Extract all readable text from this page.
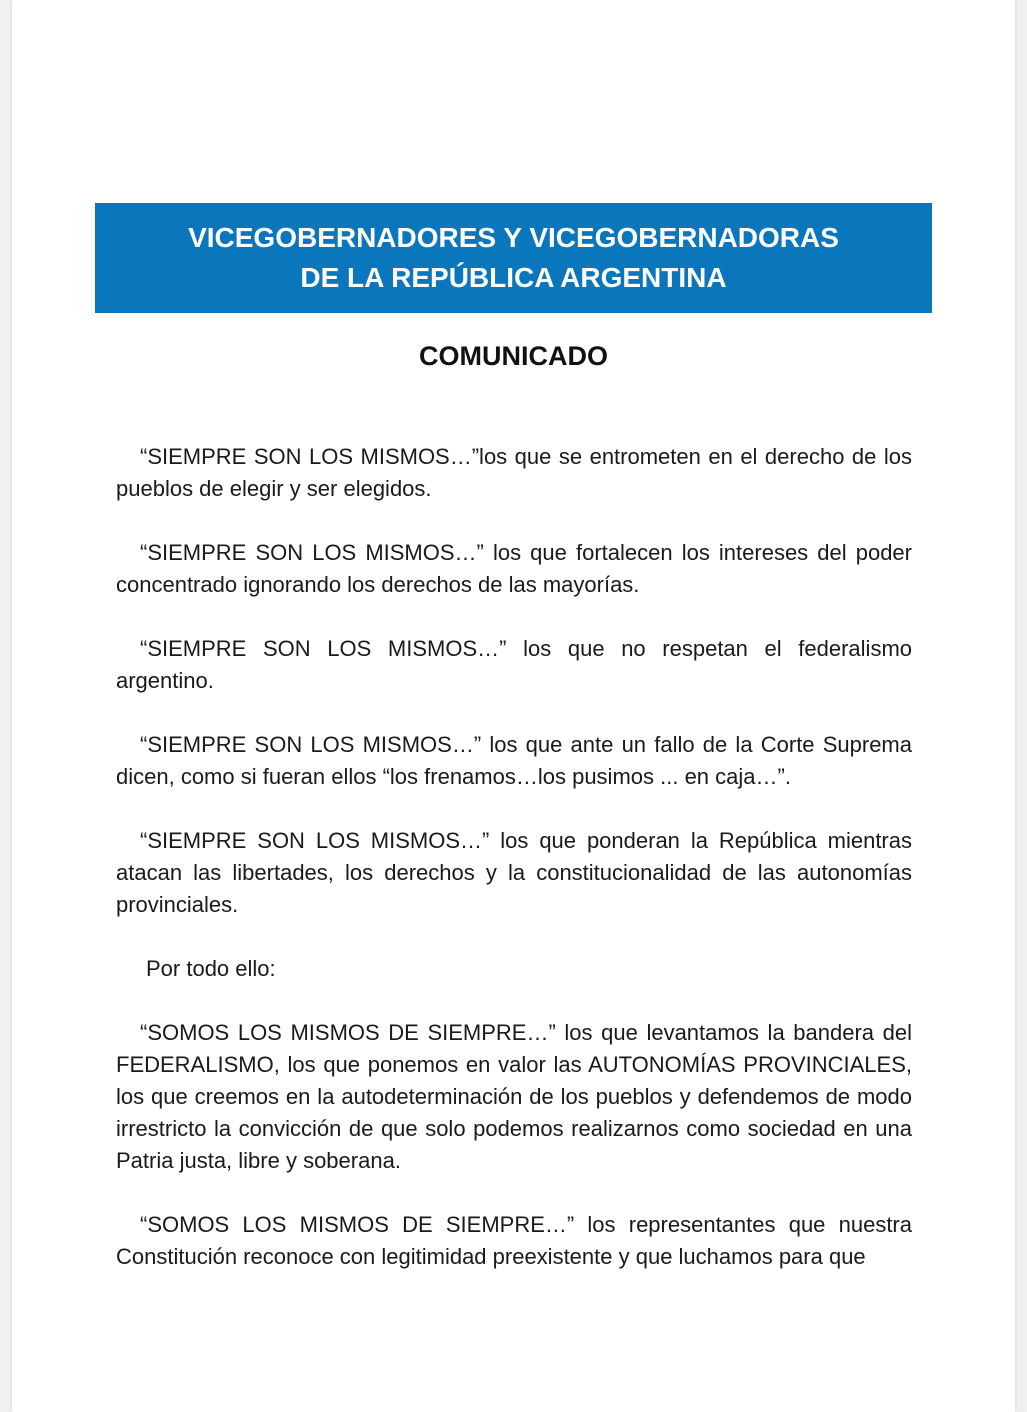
VICEGOBERNADORES Y VICEGOBERNADORAS
DE LA REPÚBLICA ARGENTINA
COMUNICADO

“SIEMPRE SON LOS MISMOS…”los que se entrometen en el derecho de los pueblos de elegir y ser elegidos.

“SIEMPRE SON LOS MISMOS…” los que fortalecen los intereses del poder concentrado ignorando los derechos de las mayorías.

“SIEMPRE SON LOS MISMOS…” los que no respetan el federalismo argentino.

“SIEMPRE SON LOS MISMOS…” los que ante un fallo de la Corte Suprema dicen, como si fueran ellos “los frenamos…los pusimos ... en caja…”.

“SIEMPRE SON LOS MISMOS…” los que ponderan la República mientras atacan las libertades, los derechos y la constitucionalidad de las autonomías provinciales.

Por todo ello:

“SOMOS LOS MISMOS DE SIEMPRE…” los que levantamos la bandera del FEDERALISMO, los que ponemos en valor las AUTONOMÍAS PROVINCIALES, los que creemos en la autodeterminación de los pueblos y defendemos de modo irrestricto la convicción de que solo podemos realizarnos como sociedad en una Patria justa, libre y soberana.

“SOMOS LOS MISMOS DE SIEMPRE…” los representantes que nuestra Constitución reconoce con legitimidad preexistente y que luchamos para que
